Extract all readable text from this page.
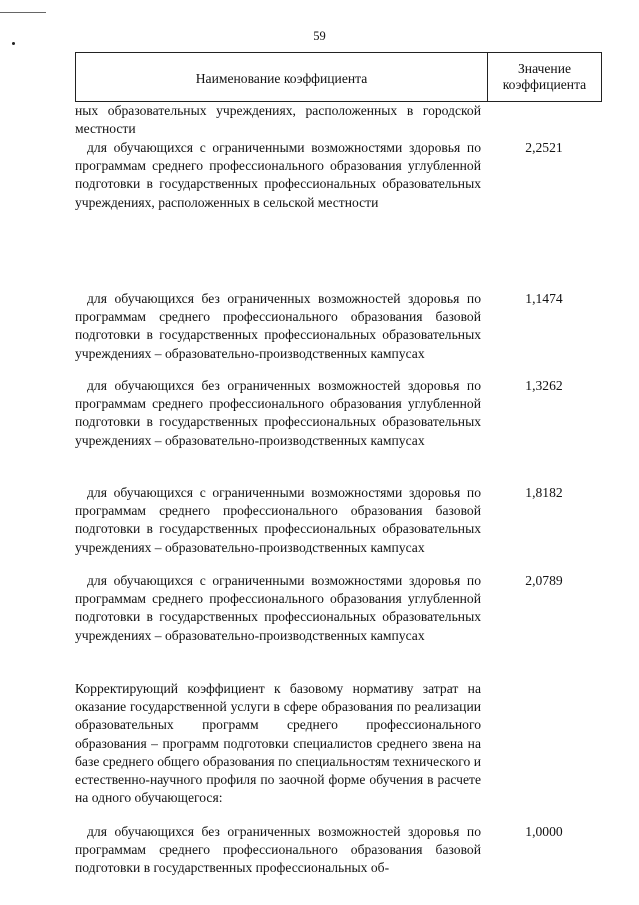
59
Наименование коэффициента
Значение коэффициента
ных образовательных учреждениях, расположенных в городской местности
для обучающихся с ограниченными возможностями здоровья по программам среднего профессионального образования углубленной подготовки в государственных профессиональных образовательных учреждениях, расположенных в сельской местности
2,2521
для обучающихся без ограниченных возможностей здоровья по программам среднего профессионального образования базовой подготовки в государственных профессиональных образовательных учреждениях – образовательно-производственных кампусах
1,1474
для обучающихся без ограниченных возможностей здоровья по программам среднего профессионального образования углубленной подготовки в государственных профессиональных образовательных учреждениях – образовательно-производственных кампусах
1,3262
для обучающихся с ограниченными возможностями здоровья по программам среднего профессионального образования базовой подготовки в государственных профессиональных образовательных учреждениях – образовательно-производственных кампусах
1,8182
для обучающихся с ограниченными возможностями здоровья по программам среднего профессионального образования углубленной подготовки в государственных профессиональных образовательных учреждениях – образовательно-производственных кампусах
2,0789
Корректирующий коэффициент к базовому нормативу затрат на оказание государственной услуги в сфере образования по реализации образовательных программ среднего профессионального образования – программ подготовки специалистов среднего звена на базе среднего общего образования по специальностям технического и естественно-научного профиля по заочной форме обучения в расчете на одного обучающегося:
для обучающихся без ограниченных возможностей здоровья по программам среднего профессионального образования базовой подготовки в государственных профессиональных об-
1,0000
